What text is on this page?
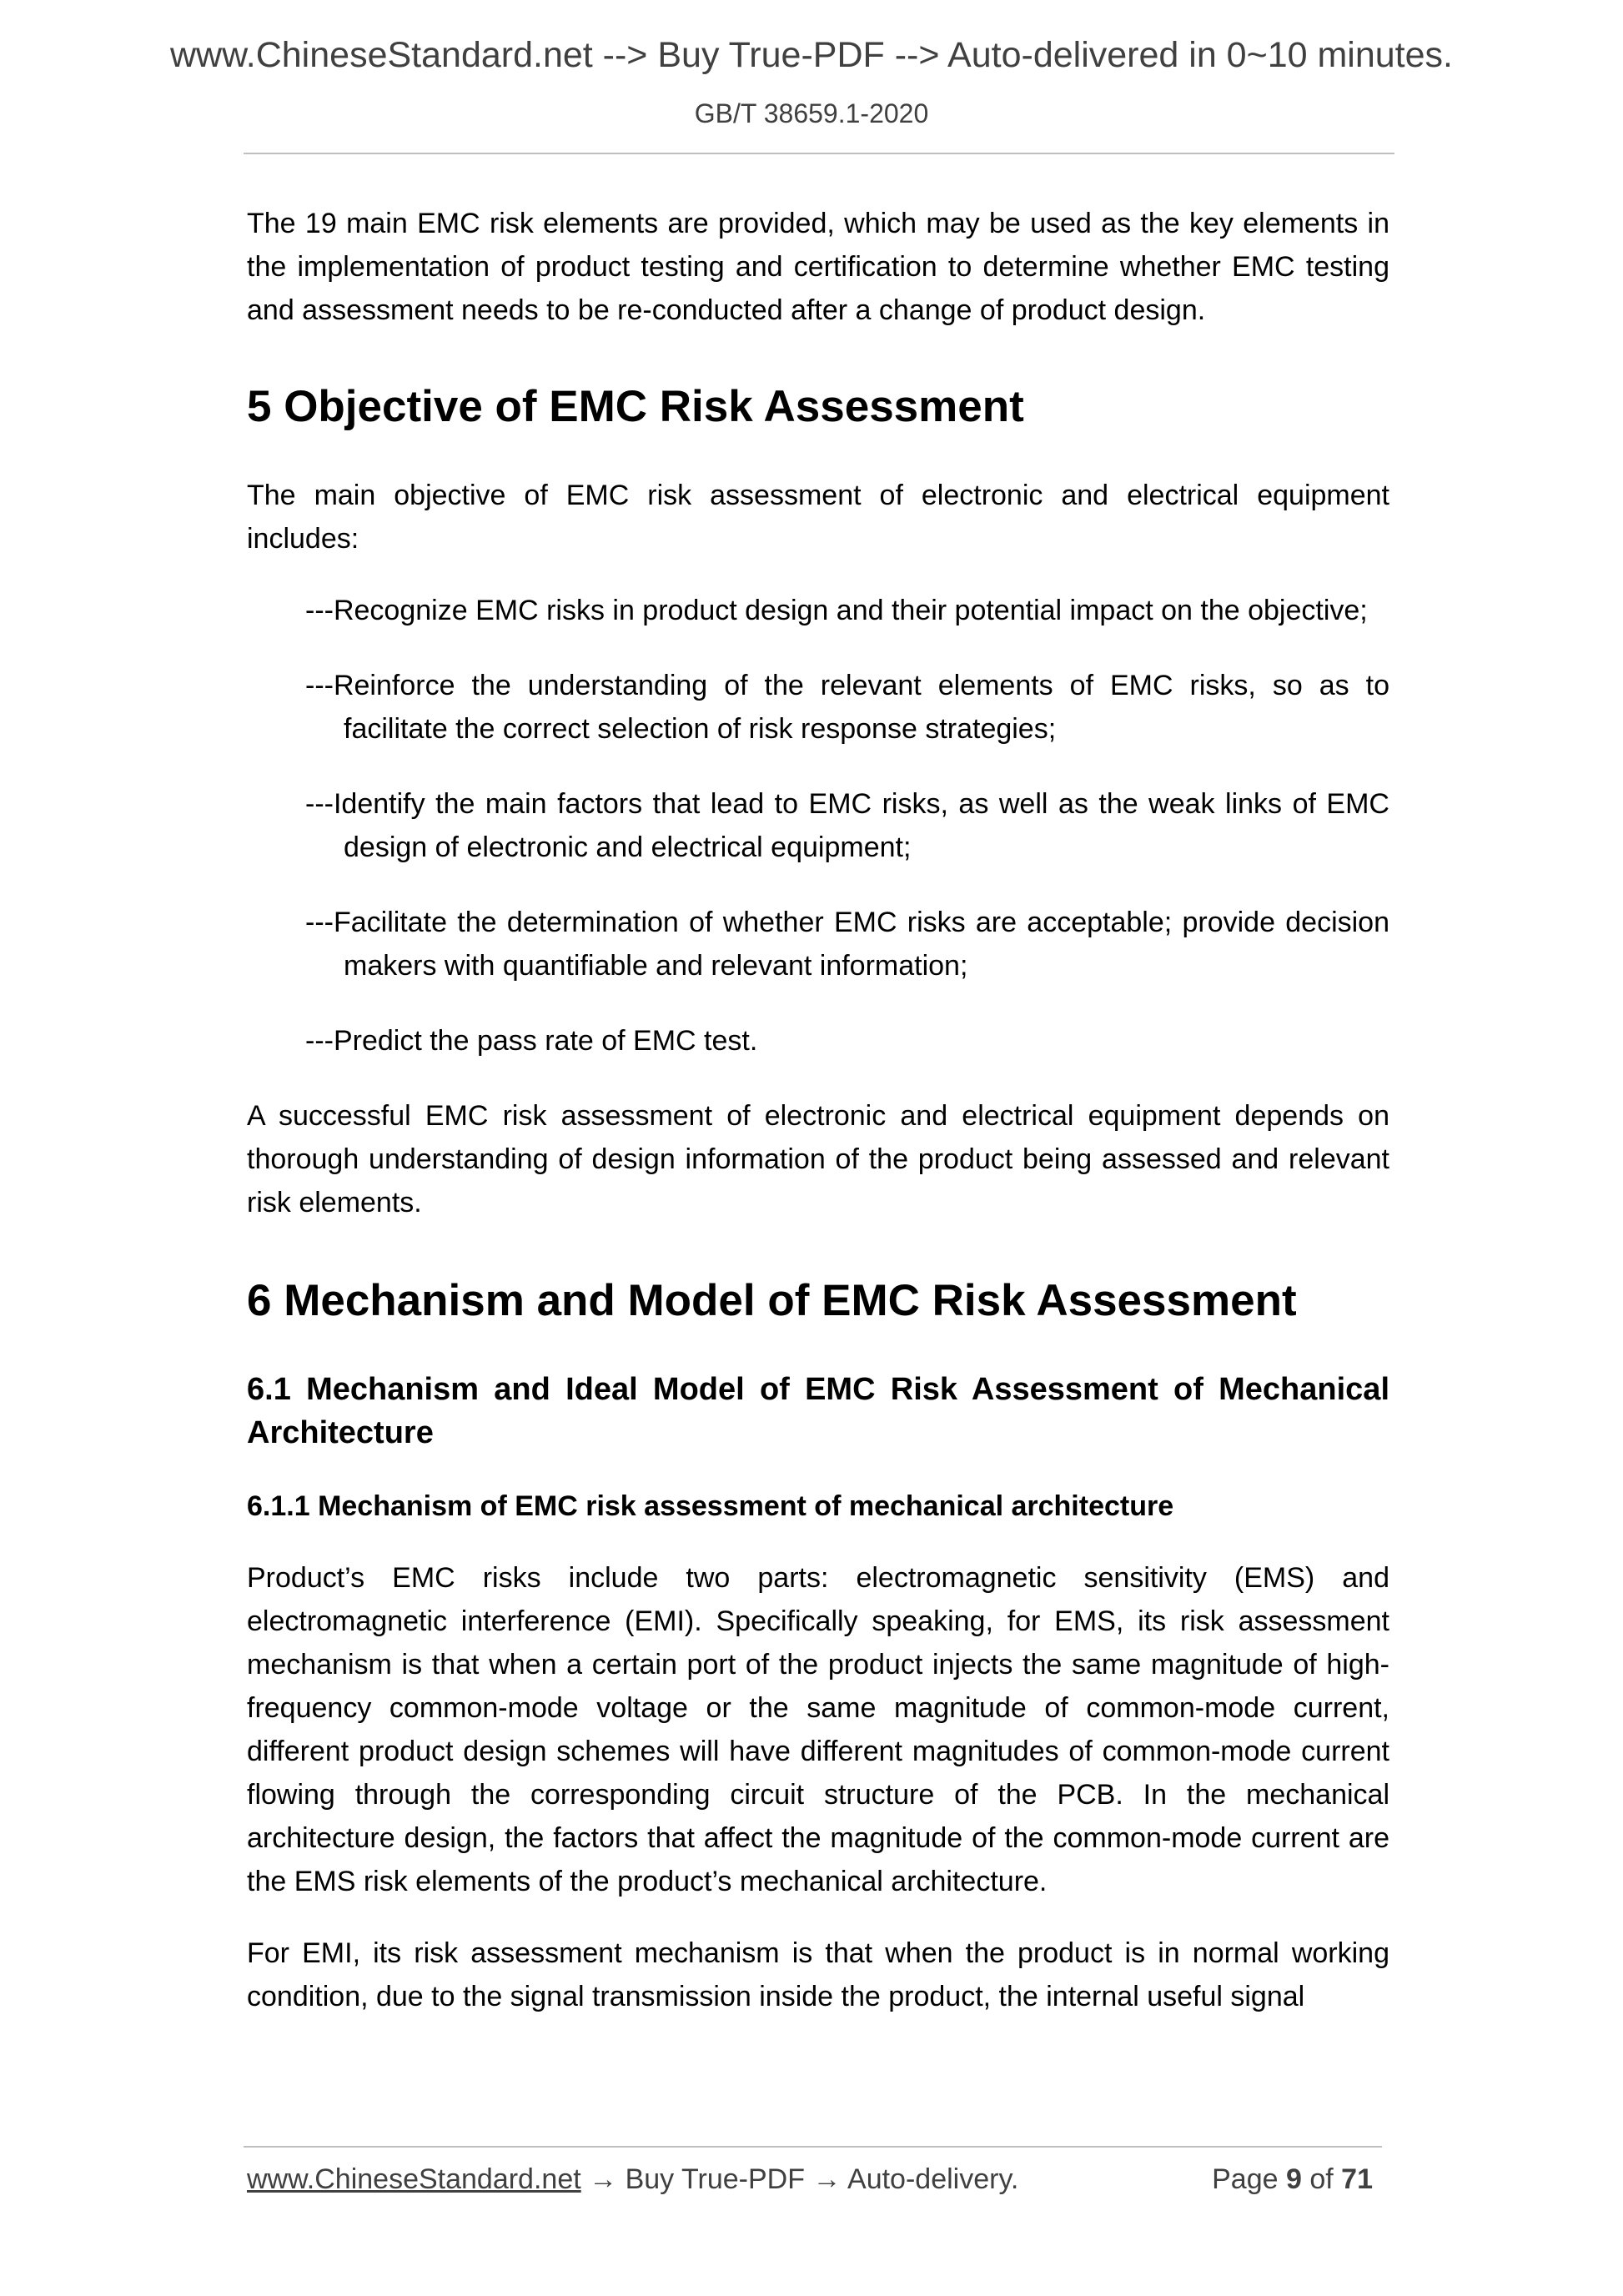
www.ChineseStandard.net --> Buy True-PDF --> Auto-delivered in 0~10 minutes.
GB/T 38659.1-2020

The 19 main EMC risk elements are provided, which may be used as the key elements in the implementation of product testing and certification to determine whether EMC testing and assessment needs to be re-conducted after a change of product design.

5 Objective of EMC Risk Assessment

The main objective of EMC risk assessment of electronic and electrical equipment includes:

---Recognize EMC risks in product design and their potential impact on the objective;
---Reinforce the understanding of the relevant elements of EMC risks, so as to facilitate the correct selection of risk response strategies;
---Identify the main factors that lead to EMC risks, as well as the weak links of EMC design of electronic and electrical equipment;
---Facilitate the determination of whether EMC risks are acceptable; provide decision makers with quantifiable and relevant information;
---Predict the pass rate of EMC test.

A successful EMC risk assessment of electronic and electrical equipment depends on thorough understanding of design information of the product being assessed and relevant risk elements.

6 Mechanism and Model of EMC Risk Assessment
6.1 Mechanism and Ideal Model of EMC Risk Assessment of Mechanical Architecture
6.1.1 Mechanism of EMC risk assessment of mechanical architecture

Product’s EMC risks include two parts: electromagnetic sensitivity (EMS) and electromagnetic interference (EMI). Specifically speaking, for EMS, its risk assessment mechanism is that when a certain port of the product injects the same magnitude of high-frequency common-mode voltage or the same magnitude of common-mode current, different product design schemes will have different magnitudes of common-mode current flowing through the corresponding circuit structure of the PCB. In the mechanical architecture design, the factors that affect the magnitude of the common-mode current are the EMS risk elements of the product’s mechanical architecture.

For EMI, its risk assessment mechanism is that when the product is in normal working condition, due to the signal transmission inside the product, the internal useful signal

www.ChineseStandard.net → Buy True-PDF → Auto-delivery.	Page 9 of 71
